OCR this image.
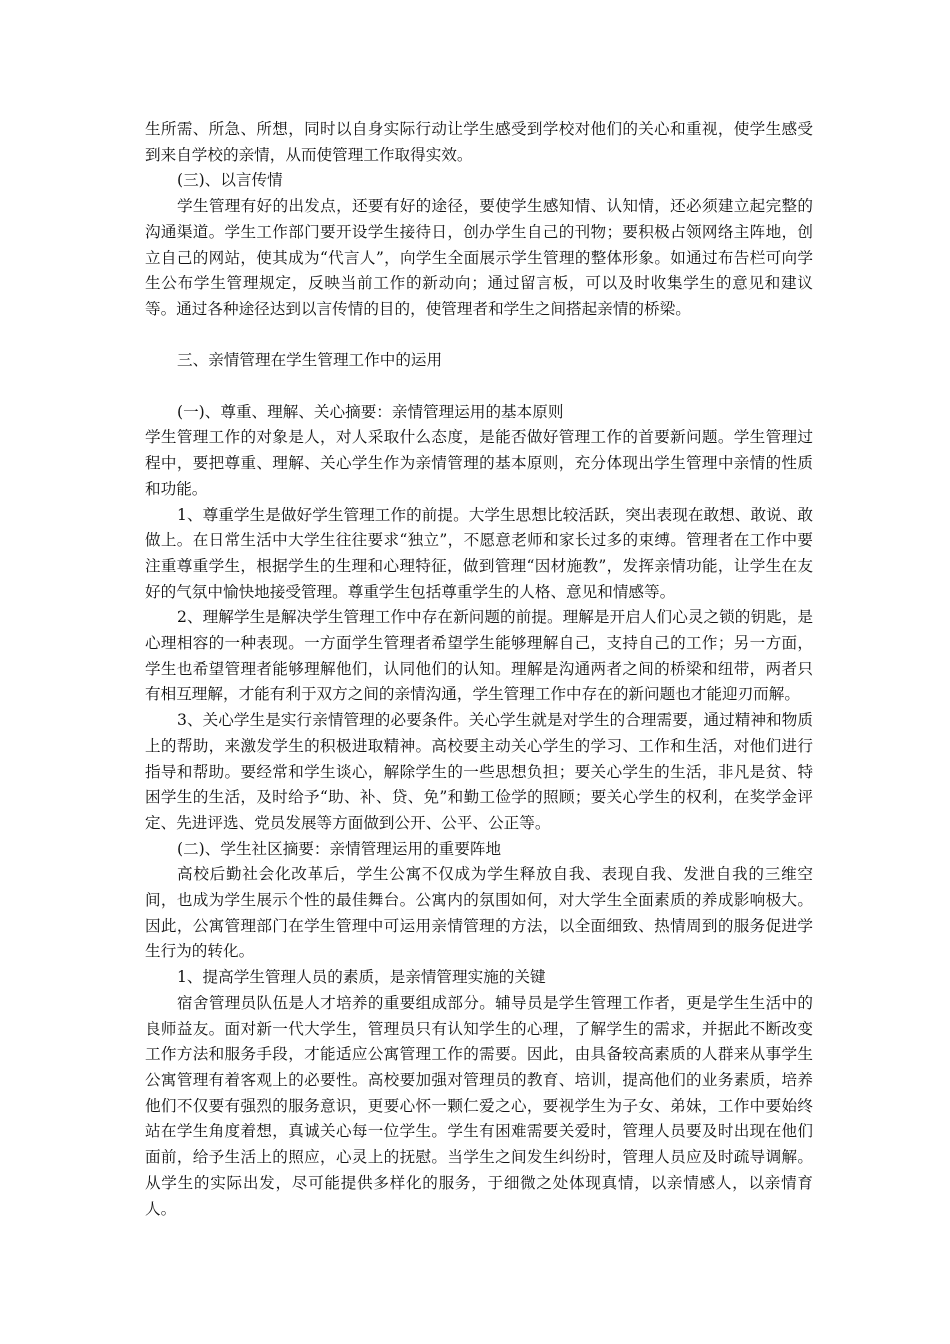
生所需、所急、所想，同时以自身实际行动让学生感受到学校对他们的关心和重视，使学生感受到来自学校的亲情，从而使管理工作取得实效。

(三)、以言传情

学生管理有好的出发点，还要有好的途径，要使学生感知情、认知情，还必须建立起完整的沟通渠道。学生工作部门要开设学生接待日，创办学生自己的刊物；要积极占领网络主阵地，创立自己的网站，使其成为“代言人”，向学生全面展示学生管理的整体形象。如通过布告栏可向学生公布学生管理规定，反映当前工作的新动向；通过留言板，可以及时收集学生的意见和建议等。通过各种途径达到以言传情的目的，使管理者和学生之间搭起亲情的桥梁。

三、亲情管理在学生管理工作中的运用

(一)、尊重、理解、关心摘要：亲情管理运用的基本原则

学生管理工作的对象是人，对人采取什么态度，是能否做好管理工作的首要新问题。学生管理过程中，要把尊重、理解、关心学生作为亲情管理的基本原则，充分体现出学生管理中亲情的性质和功能。

1、尊重学生是做好学生管理工作的前提。大学生思想比较活跃，突出表现在敢想、敢说、敢做上。在日常生活中大学生往往要求“独立”，不愿意老师和家长过多的束缚。管理者在工作中要注重尊重学生，根据学生的生理和心理特征，做到管理“因材施教”，发挥亲情功能，让学生在友好的气氛中愉快地接受管理。尊重学生包括尊重学生的人格、意见和情感等。

2、理解学生是解决学生管理工作中存在新问题的前提。理解是开启人们心灵之锁的钥匙，是心理相容的一种表现。一方面学生管理者希望学生能够理解自己，支持自己的工作；另一方面，学生也希望管理者能够理解他们，认同他们的认知。理解是沟通两者之间的桥梁和纽带，两者只有相互理解，才能有利于双方之间的亲情沟通，学生管理工作中存在的新问题也才能迎刃而解。

3、关心学生是实行亲情管理的必要条件。关心学生就是对学生的合理需要，通过精神和物质上的帮助，来激发学生的积极进取精神。高校要主动关心学生的学习、工作和生活，对他们进行指导和帮助。要经常和学生谈心，解除学生的一些思想负担；要关心学生的生活，非凡是贫、特困学生的生活，及时给予“助、补、贷、免”和勤工俭学的照顾；要关心学生的权利，在奖学金评定、先进评选、党员发展等方面做到公开、公平、公正等。

(二)、学生社区摘要：亲情管理运用的重要阵地

高校后勤社会化改革后，学生公寓不仅成为学生释放自我、表现自我、发泄自我的三维空间，也成为学生展示个性的最佳舞台。公寓内的氛围如何，对大学生全面素质的养成影响极大。因此，公寓管理部门在学生管理中可运用亲情管理的方法，以全面细致、热情周到的服务促进学生行为的转化。

1、提高学生管理人员的素质，是亲情管理实施的关键

宿舍管理员队伍是人才培养的重要组成部分。辅导员是学生管理工作者，更是学生生活中的良师益友。面对新一代大学生，管理员只有认知学生的心理，了解学生的需求，并据此不断改变工作方法和服务手段，才能适应公寓管理工作的需要。因此，由具备较高素质的人群来从事学生公寓管理有着客观上的必要性。高校要加强对管理员的教育、培训，提高他们的业务素质，培养他们不仅要有强烈的服务意识，更要心怀一颗仁爱之心，要视学生为子女、弟妹，工作中要始终站在学生角度着想，真诚关心每一位学生。学生有困难需要关爱时，管理人员要及时出现在他们面前，给予生活上的照应，心灵上的抚慰。当学生之间发生纠纷时，管理人员应及时疏导调解。从学生的实际出发，尽可能提供多样化的服务，于细微之处体现真情，以亲情感人，以亲情育人。
